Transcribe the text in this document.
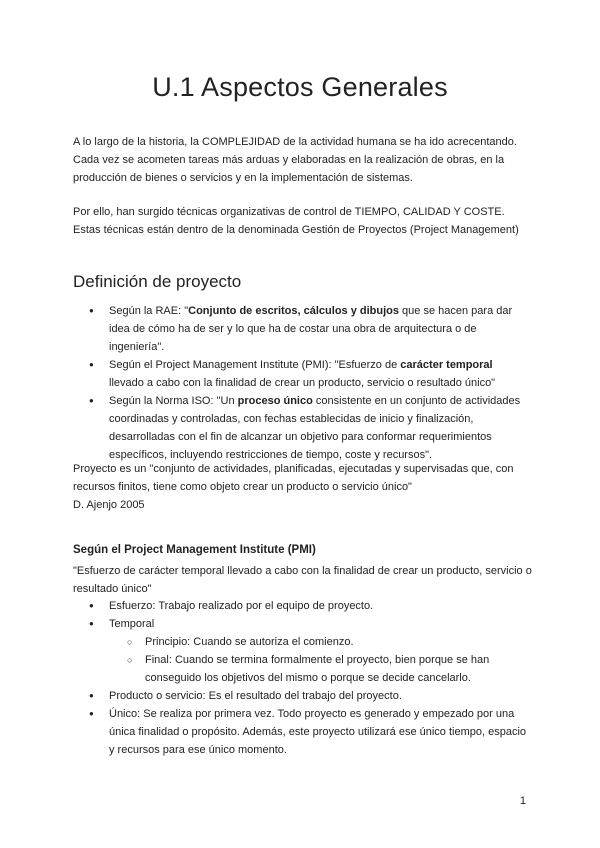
U.1 Aspectos Generales

A lo largo de la historia, la COMPLEJIDAD de la actividad humana se ha ido acrecentando. Cada vez se acometen tareas más arduas y elaboradas en la realización de obras, en la producción de bienes o servicios y en la implementación de sistemas.

Por ello, han surgido técnicas organizativas de control de TIEMPO, CALIDAD Y COSTE. Estas técnicas están dentro de la denominada Gestión de Proyectos (Project Management)

Definición de proyecto
● Según la RAE: "Conjunto de escritos, cálculos y dibujos que se hacen para dar idea de cómo ha de ser y lo que ha de costar una obra de arquitectura o de ingeniería".
● Según el Project Management Institute (PMI): "Esfuerzo de carácter temporal llevado a cabo con la finalidad de crear un producto, servicio o resultado único"
● Según la Norma ISO: "Un proceso único consistente en un conjunto de actividades coordinadas y controladas, con fechas establecidas de inicio y finalización, desarrolladas con el fin de alcanzar un objetivo para conformar requerimientos específicos, incluyendo restricciones de tiempo, coste y recursos".

Proyecto es un "conjunto de actividades, planificadas, ejecutadas y supervisadas que, con recursos finitos, tiene como objeto crear un producto o servicio único"

D. Ajenjo 2005

Según el Project Management Institute (PMI)

"Esfuerzo de carácter temporal llevado a cabo con la finalidad de crear un producto, servicio o resultado único"

● Esfuerzo: Trabajo realizado por el equipo de proyecto.
● Temporal
○ Principio: Cuando se autoriza el comienzo.
○ Final: Cuando se termina formalmente el proyecto, bien porque se han conseguido los objetivos del mismo o porque se decide cancelarlo.
● Producto o servicio: Es el resultado del trabajo del proyecto.
● Único: Se realiza por primera vez. Todo proyecto es generado y empezado por una única finalidad o propósito. Además, este proyecto utilizará ese único tiempo, espacio y recursos para ese único momento.
1
